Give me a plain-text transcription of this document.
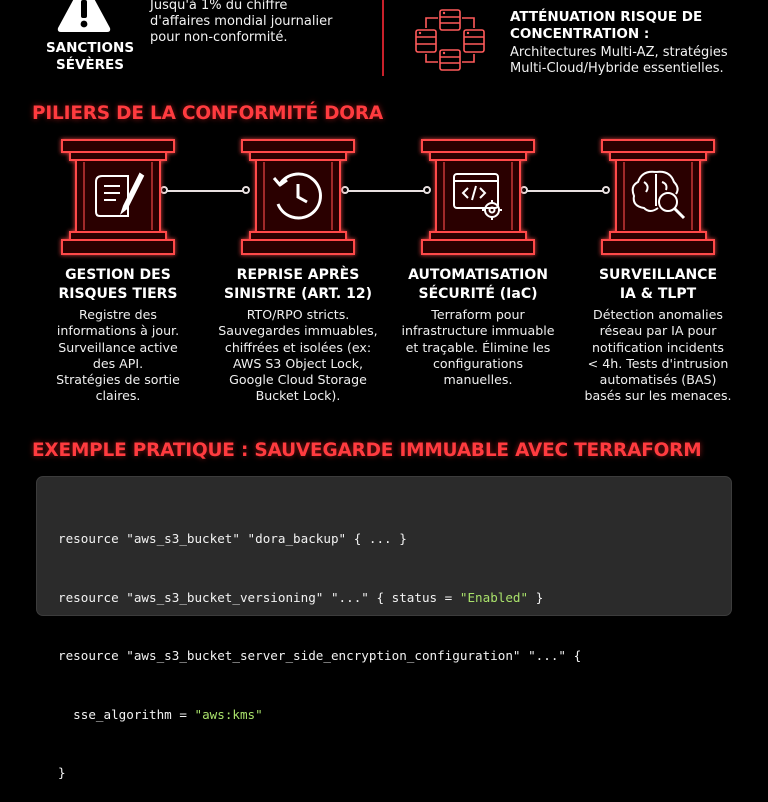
SANCTIONS
SÉVÈRES
Jusqu'à 1% du chiffre
d'affaires mondial journalier
pour non-conformité.
ATTÉNUATION RISQUE DE
CONCENTRATION :
Architectures Multi-AZ, stratégies
Multi-Cloud/Hybride essentielles.
PILIERS DE LA CONFORMITÉ DORA
GESTION DES
RISQUES TIERS
REPRISE APRÈS
SINISTRE (ART. 12)
AUTOMATISATION
SÉCURITÉ (IaC)
SURVEILLANCE
IA & TLPT
Registre des
informations à jour.
Surveillance active
des API.
Stratégies de sortie
claires.
RTO/RPO stricts.
Sauvegardes immuables,
chiffrées et isolées (ex:
AWS S3 Object Lock,
Google Cloud Storage
Bucket Lock).
Terraform pour
infrastructure immuable
et traçable. Élimine les
configurations
manuelles.
Détection anomalies
réseau par IA pour
notification incidents
< 4h. Tests d'intrusion
automatisés (BAS)
basés sur les menaces.
EXEMPLE PRATIQUE : SAUVEGARDE IMMUABLE AVEC TERRAFORM

resource "aws_s3_bucket" "dora_backup" { ... }

resource "aws_s3_bucket_versioning" "..." { status = "Enabled" }

resource "aws_s3_bucket_server_side_encryption_configuration" "..." {

sse_algorithm = "aws:kms"

}
